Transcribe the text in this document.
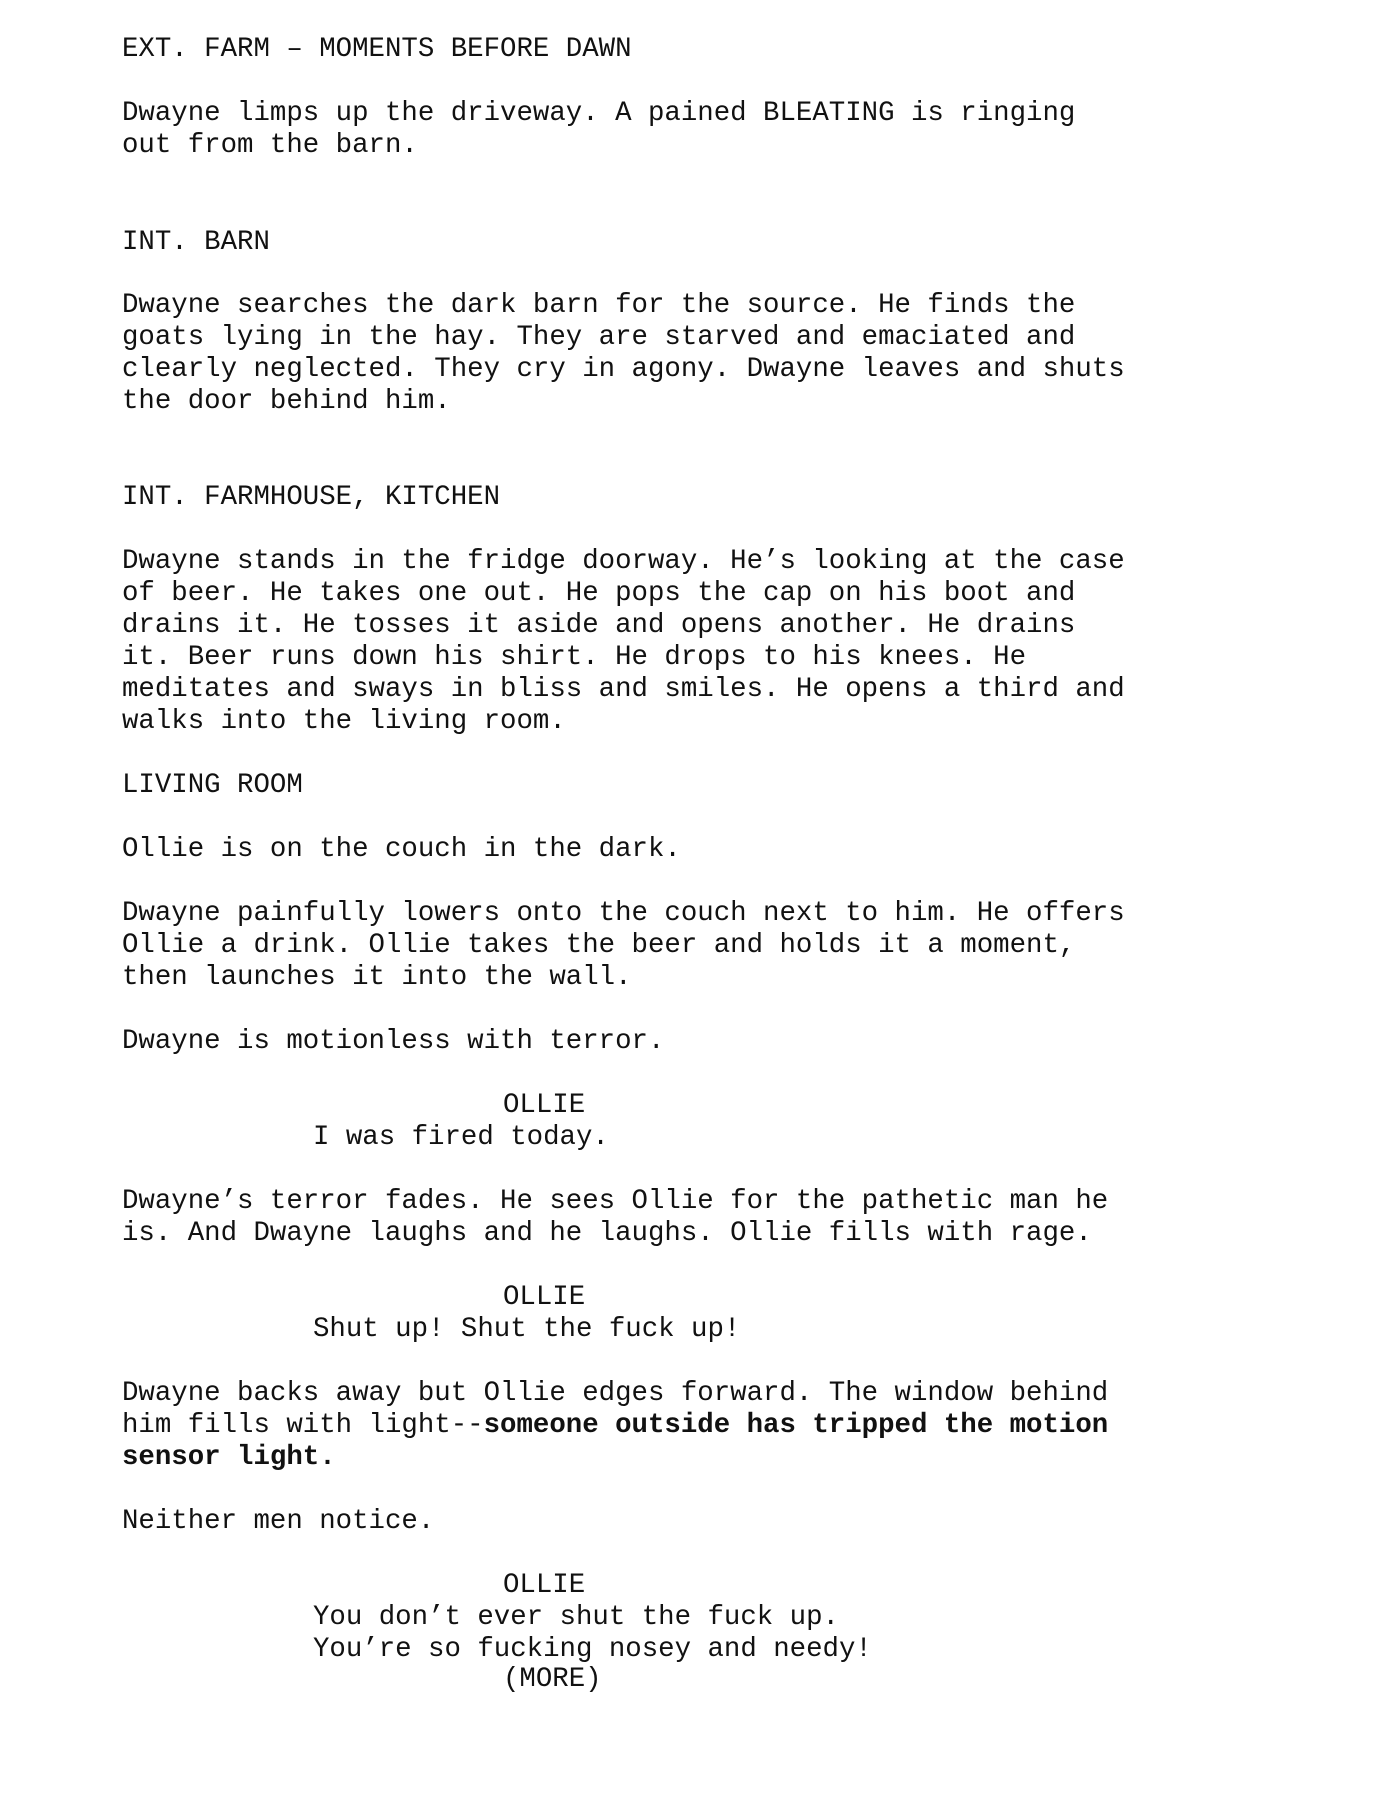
EXT. FARM – MOMENTS BEFORE DAWN
Dwayne limps up the driveway. A pained BLEATING is ringing
out from the barn.
INT. BARN
Dwayne searches the dark barn for the source. He finds the
goats lying in the hay. They are starved and emaciated and
clearly neglected. They cry in agony. Dwayne leaves and shuts
the door behind him.
INT. FARMHOUSE, KITCHEN
Dwayne stands in the fridge doorway. He’s looking at the case
of beer. He takes one out. He pops the cap on his boot and
drains it. He tosses it aside and opens another. He drains
it. Beer runs down his shirt. He drops to his knees. He
meditates and sways in bliss and smiles. He opens a third and
walks into the living room.
LIVING ROOM
Ollie is on the couch in the dark.
Dwayne painfully lowers onto the couch next to him. He offers
Ollie a drink. Ollie takes the beer and holds it a moment,
then launches it into the wall.
Dwayne is motionless with terror.
OLLIE
I was fired today.
Dwayne’s terror fades. He sees Ollie for the pathetic man he
is. And Dwayne laughs and he laughs. Ollie fills with rage.
OLLIE
Shut up! Shut the fuck up!
Dwayne backs away but Ollie edges forward. The window behind
him fills with light--someone outside has tripped the motion
sensor light.
Neither men notice.
OLLIE
You don’t ever shut the fuck up.
You’re so fucking nosey and needy!
(MORE)
